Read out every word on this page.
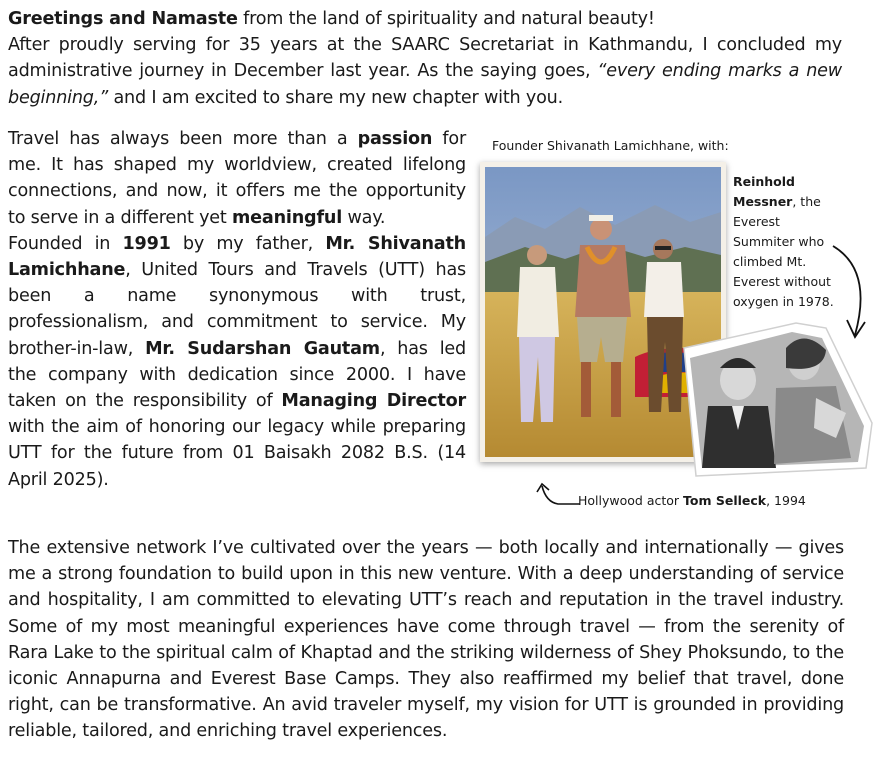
Greetings and Namaste from the land of spirituality and natural beauty!
After proudly serving for 35 years at the SAARC Secretariat in Kathmandu, I concluded my administrative journey in December last year. As the saying goes, “every ending marks a new beginning,” and I am excited to share my new chapter with you.
Travel has always been more than a passion for me. It has shaped my worldview, created lifelong connections, and now, it offers me the opportunity to serve in a different yet meaningful way.
Founded in 1991 by my father, Mr. Shivanath Lamichhane, United Tours and Travels (UTT) has been a name synonymous with trust, professionalism, and commitment to service. My brother-in-law, Mr. Sudarshan Gautam, has led the company with dedication since 2000. I have taken on the responsibility of Managing Director with the aim of honoring our legacy while preparing UTT for the future from 01 Baisakh 2082 B.S. (14 April 2025).
Founder Shivanath Lamichhane, with:
Reinhold Messner, the Everest Summiter who climbed Mt. Everest without oxygen in 1978.
Hollywood actor Tom Selleck, 1994
The extensive network I’ve cultivated over the years — both locally and internationally — gives me a strong foundation to build upon in this new venture. With a deep understanding of service and hospitality, I am committed to elevating UTT’s reach and reputation in the travel industry. Some of my most meaningful experiences have come through travel — from the serenity of Rara Lake to the spiritual calm of Khaptad and the striking wilderness of Shey Phoksundo, to the iconic Annapurna and Everest Base Camps. They also reaffirmed my belief that travel, done right, can be transformative. An avid traveler myself, my vision for UTT is grounded in providing reliable, tailored, and enriching travel experiences.
